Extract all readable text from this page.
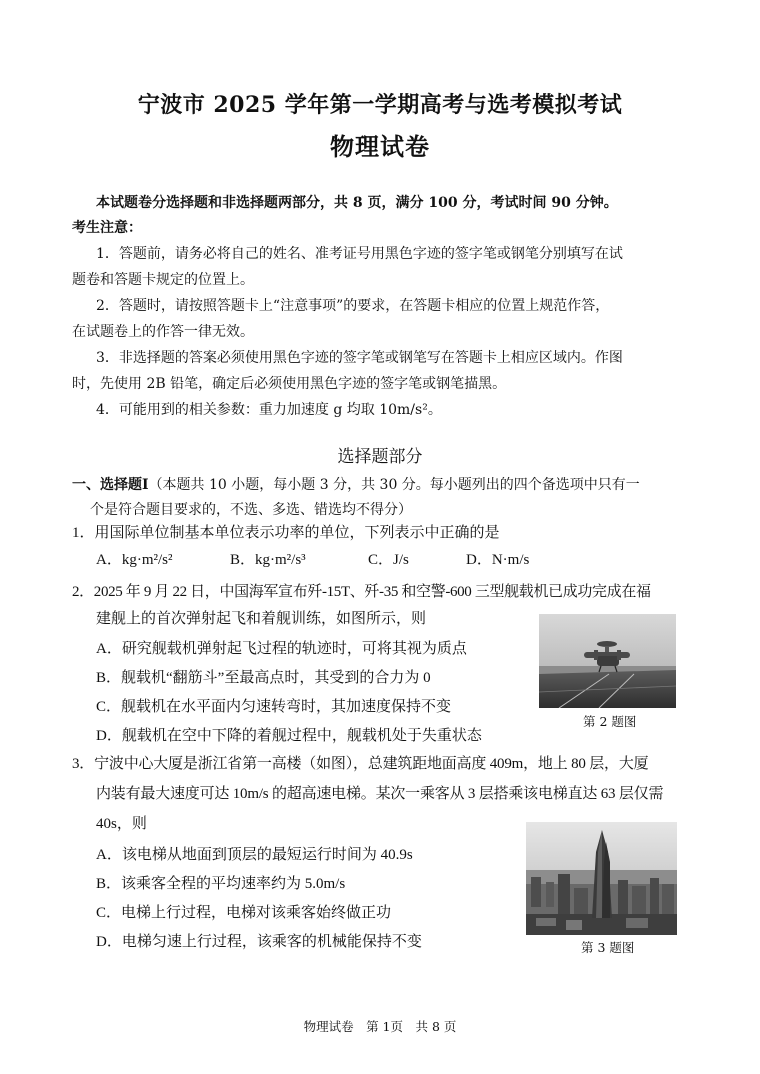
宁波市 2025 学年第一学期高考与选考模拟考试
物理试卷
本试题卷分选择题和非选择题两部分，共 8 页，满分 100 分，考试时间 90 分钟。
考生注意：
1．答题前，请务必将自己的姓名、准考证号用黑色字迹的签字笔或钢笔分别填写在试
题卷和答题卡规定的位置上。
2．答题时，请按照答题卡上“注意事项”的要求，在答题卡相应的位置上规范作答，
在试题卷上的作答一律无效。
3．非选择题的答案必须使用黑色字迹的签字笔或钢笔写在答题卡上相应区域内。作图
时，先使用 2B 铅笔，确定后必须使用黑色字迹的签字笔或钢笔描黑。
4．可能用到的相关参数：重力加速度 g 均取 10m/s²。
选择题部分
一、选择题Ⅰ（本题共 10 小题，每小题 3 分，共 30 分。每小题列出的四个备选项中只有一
个是符合题目要求的，不选、多选、错选均不得分）
1．用国际单位制基本单位表示功率的单位，下列表示中正确的是
A．kg·m²/s²	B．kg·m²/s³	C．J/s	D．N·m/s
2．2025 年 9 月 22 日，中国海军宣布歼-15T、歼-35 和空警-600 三型舰载机已成功完成在福
建舰上的首次弹射起飞和着舰训练，如图所示，则
A．研究舰载机弹射起飞过程的轨迹时，可将其视为质点
B．舰载机“翻筋斗”至最高点时，其受到的合力为 0
C．舰载机在水平面内匀速转弯时，其加速度保持不变
D．舰载机在空中下降的着舰过程中，舰载机处于失重状态
第 2 题图
3．宁波中心大厦是浙江省第一高楼（如图），总建筑距地面高度 409m，地上 80 层，大厦
内装有最大速度可达 10m/s 的超高速电梯。某次一乘客从 3 层搭乘该电梯直达 63 层仅需
40s，则
A．该电梯从地面到顶层的最短运行时间为 40.9s
B．该乘客全程的平均速率约为 5.0m/s
C．电梯上行过程，电梯对该乘客始终做正功
D．电梯匀速上行过程，该乘客的机械能保持不变	第 3 题图
物理试卷　第 1页　共 8 页
